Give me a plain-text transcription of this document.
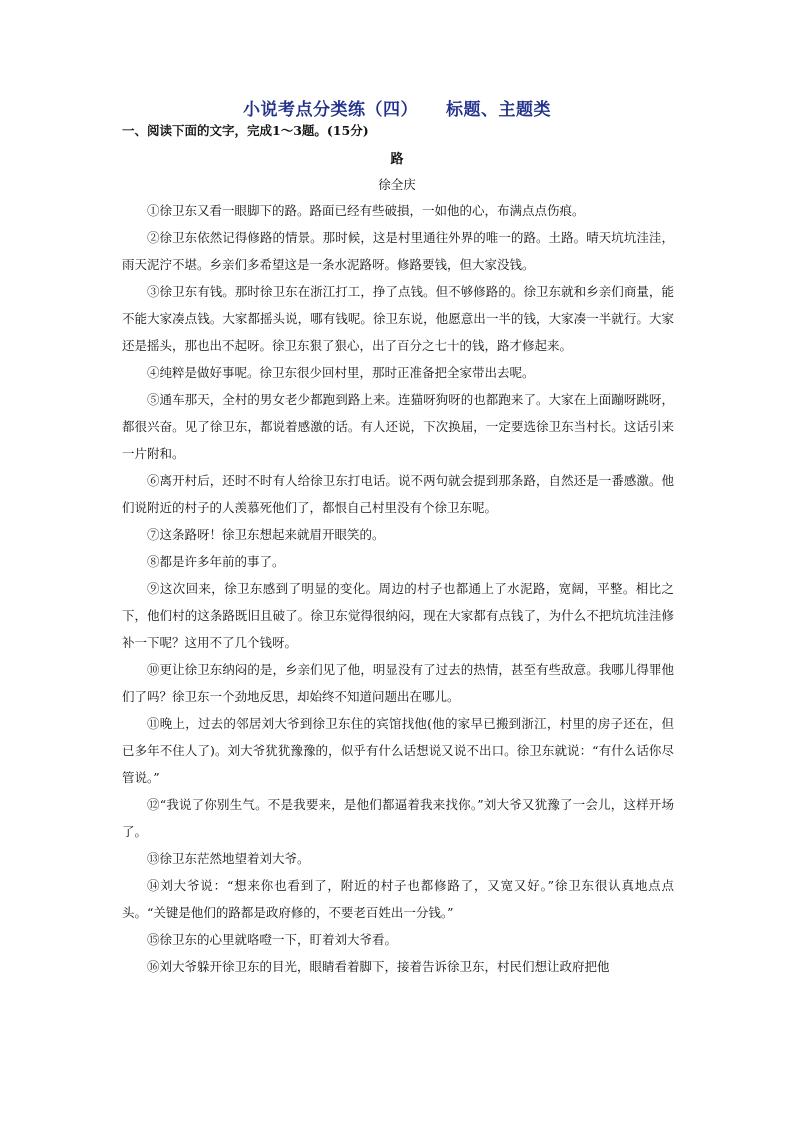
小说考点分类练（四） 标题、主题类
一、阅读下面的文字，完成1～3题。(15分)
路
徐全庆

①徐卫东又看一眼脚下的路。路面已经有些破損，一如他的心，布满点点伤痕。

②徐卫东依然记得修路的情景。那时候，这是村里通往外界的唯一的路。土路。晴天坑坑洼洼，雨天泥泞不堪。乡亲们多希望这是一条水泥路呀。修路要钱，但大家没钱。

③徐卫东有钱。那时徐卫东在浙江打工，挣了点钱。但不够修路的。徐卫东就和乡亲们商量，能不能大家凑点钱。大家都摇头说，哪有钱呢。徐卫东说，他愿意出一半的钱，大家凑一半就行。大家还是摇头，那也出不起呀。徐卫东狠了狠心，出了百分之七十的钱，路才修起来。

④纯粹是做好事呢。徐卫东很少回村里，那时正准备把全家带出去呢。

⑤通车那天，全村的男女老少都跑到路上来。连猫呀狗呀的也都跑来了。大家在上面蹦呀跳呀，都很兴奋。见了徐卫东，都说着感激的话。有人还说，下次换届，一定要选徐卫东当村长。这话引来一片附和。

⑥离开村后，还时不时有人给徐卫东打电话。说不两句就会提到那条路，自然还是一番感激。他们说附近的村子的人羡慕死他们了，都恨自己村里没有个徐卫东呢。

⑦这条路呀！徐卫东想起来就眉开眼笑的。

⑧都是许多年前的事了。

⑨这次回来，徐卫东感到了明显的变化。周边的村子也都通上了水泥路，宽阔，平整。相比之下，他们村的这条路既旧且破了。徐卫东觉得很纳闷，现在大家都有点钱了，为什么不把坑坑洼洼修补一下呢？这用不了几个钱呀。

⑩更让徐卫东纳闷的是，乡亲们见了他，明显没有了过去的热情，甚至有些敌意。我哪儿得罪他们了吗？徐卫东一个劲地反思，却始终不知道问题出在哪儿。

⑪晚上，过去的邻居刘大爷到徐卫东住的宾馆找他(他的家早已搬到浙江，村里的房子还在，但已多年不住人了)。刘大爷犹犹豫豫的，似乎有什么话想说又说不出口。徐卫东就说：“有什么话你尽管说。”

⑫“我说了你别生气。不是我要来，是他们都逼着我来找你。”刘大爷又犹豫了一会儿，这样开场了。

⑬徐卫东茫然地望着刘大爷。

⑭刘大爷说：“想来你也看到了，附近的村子也都修路了，又宽又好。”徐卫东很认真地点点头。“关键是他们的路都是政府修的，不要老百姓出一分钱。”

⑮徐卫东的心里就咯噔一下，盯着刘大爷看。

⑯刘大爷躲开徐卫东的目光，眼睛看着脚下，接着告诉徐卫东，村民们想让政府把他
